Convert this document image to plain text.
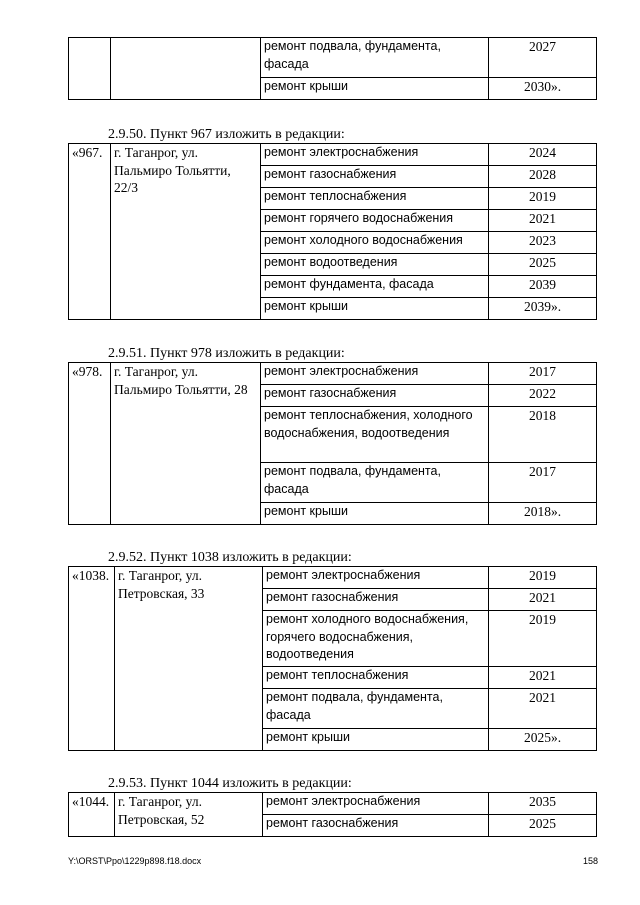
		ремонт подвала, фундамента, фасада	2027
		ремонт крыши	2030».
2.9.50. Пункт 967 изложить в редакции:
«967.	г. Таганрог, ул. Пальмиро Тольятти, 22/3	ремонт электроснабжения	2024
		ремонт газоснабжения	2028
		ремонт теплоснабжения	2019
		ремонт горячего водоснабжения	2021
		ремонт холодного водоснабжения	2023
		ремонт водоотведения	2025
		ремонт фундамента, фасада	2039
		ремонт крыши	2039».
2.9.51. Пункт 978 изложить в редакции:
«978.	г. Таганрог, ул. Пальмиро Тольятти, 28	ремонт электроснабжения	2017
		ремонт газоснабжения	2022
		ремонт теплоснабжения, холодного водоснабжения, водоотведения	2018
		ремонт подвала, фундамента, фасада	2017
		ремонт крыши	2018».
2.9.52. Пункт 1038 изложить в редакции:
«1038.	г. Таганрог, ул. Петровская, 33	ремонт электроснабжения	2019
		ремонт газоснабжения	2021
		ремонт холодного водоснабжения, горячего водоснабжения, водоотведения	2019
		ремонт теплоснабжения	2021
		ремонт подвала, фундамента, фасада	2021
		ремонт крыши	2025».
2.9.53. Пункт 1044 изложить в редакции:
«1044.	г. Таганрог, ул. Петровская, 52	ремонт электроснабжения	2035
		ремонт газоснабжения	2025
Y:\ORST\Ppo\1229p898.f18.docx	158
